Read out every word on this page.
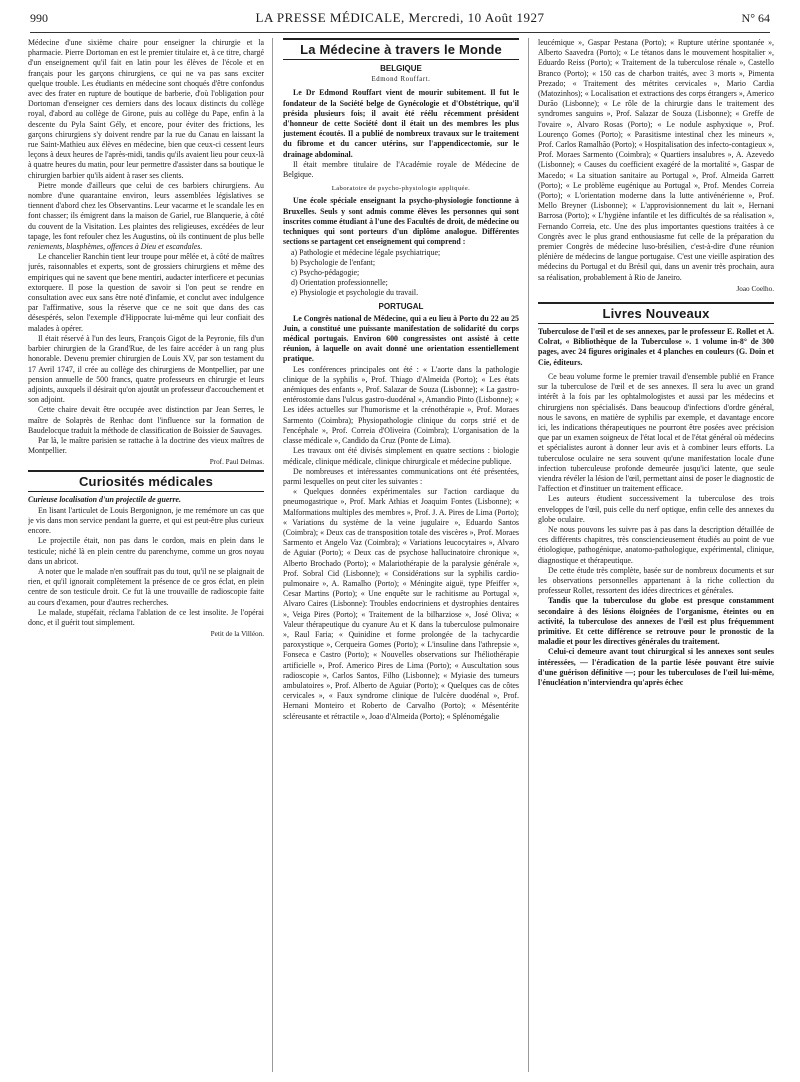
990	LA PRESSE MÉDICALE, Mercredi, 10 Août 1927	N° 64

Médecine d'une sixième chaire pour enseigner la chirurgie et la pharmacie. Pierre Dortoman en est le premier titulaire et, à ce titre, chargé d'un enseignement qu'il fait en latin pour les élèves de l'école et en français pour les garçons chirurgiens, ce qui ne va pas sans exciter quelque trouble. Les étudiants en médecine sont choqués d'être confondus avec des frater en rupture de boutique de barberie, d'où l'obligation pour Dortoman d'enseigner ces derniers dans des locaux distincts du collège royal, d'abord au collège de Girone, puis au collège du Pape, enfin à la descente du Pyla Saint Gély, et encore, pour éviter des frictions, les garçons chirurgiens s'y doivent rendre par la rue du Canau en laissant la rue Saint-Mathieu aux élèves en médecine, bien que ceux-ci cessent leurs leçons à deux heures de l'après-midi, tandis qu'ils avaient lieu pour ceux-là à quatre heures du matin, pour leur permettre d'assister dans sa boutique le chirurgien barbier qu'ils aident à raser ses clients.

Pietre monde d'ailleurs que celui de ces barbiers chirurgiens. Au nombre d'une quarantaine environ, leurs assemblées législatives se tiennent d'abord chez les Observantins. Leur vacarme et le scandale les en font chasser; ils émigrent dans la maison de Gariel, rue Blanquerie, à côté du couvent de la Visitation. Les plaintes des religieuses, excédées de leur tapage, les font refouler chez les Augustins, où ils continuent de plus belle reniements, blasphèmes, offences à Dieu et escandales.

Le chancelier Ranchin tient leur troupe pour mêlée et, à côté de maîtres jurés, raisonnables et experts, sont de grossiers chirurgiens et même des empiriques qui ne savent que bene mentiri, audacter interficere et pecunias extorquere. Il pose la question de savoir si l'on peut se rendre en consultation avec eux sans être noté d'infamie, et conclut avec indulgence par l'affirmative, sous la réserve que ce ne soit que dans des cas désespérés, selon l'exemple d'Hippocrate lui-même qui leur confiait des malades à opérer.

Il était réservé à l'un des leurs, François Gigot de la Peyronie, fils d'un barbier chirurgien de la Grand'Rue, de les faire accéder à un rang plus honorable. Devenu premier chirurgien de Louis XV, par son testament du 17 Avril 1747, il crée au collège des chirurgiens de Montpellier, par une pension annuelle de 500 francs, quatre professeurs en chirurgie et leurs adjoints, auxquels il désirait qu'on ajoutât un professeur d'accouchement et son adjoint.

Cette chaire devait être occupée avec distinction par Jean Serres, le maître de Solaprès de Renhac dont l'influence sur la formation de Baudelocque traduit la méthode de classification de Boissier de Sauvages.

Par là, le maître parisien se rattache à la doctrine des vieux maîtres de Montpellier.

Prof. Paul Delmas.
Curiosités médicales
Curieuse localisation d'un projectile de guerre.

En lisant l'articulet de Louis Bergonignon, je me remémore un cas que je vis dans mon service pendant la guerre, et qui est peut-être plus curieux encore.

Le projectile était, non pas dans le cordon, mais en plein dans le testicule; niché là en plein centre du parenchyme, comme un gros noyau dans un abricot.

A noter que le malade n'en souffrait pas du tout, qu'il ne se plaignait de rien, et qu'il ignorait complètement la présence de ce gros éclat, en plein centre de son testicule droit. Ce fut là une trouvaille de radioscopie faite au cours d'examen, pour d'autres recherches.

Le malade, stupéfait, réclama l'ablation de ce lest insolite. Je l'opérai donc, et il guérit tout simplement.

Petit de la Villéon.
La Médecine à travers le Monde
BELGIQUE
Edmond Rouffart.

Le Dr Edmond Rouffart vient de mourir subitement. Il fut le fondateur de la Société belge de Gynécologie et d'Obstétrique, qu'il présida plusieurs fois; il avait été réélu récemment président d'honneur de cette Société dont il était un des membres les plus justement écoutés. Il a publié de nombreux travaux sur le traitement du fibrome et du cancer utérins, sur l'appendicectomie, sur le drainage abdominal.

Il était membre titulaire de l'Académie royale de Médecine de Belgique.

Laboratoire de psycho-physiologie appliquée.

Une école spéciale enseignant la psycho-physiologie fonctionne à Bruxelles. Seuls y sont admis comme élèves les personnes qui sont inscrites comme étudiant à l'une des Facultés de droit, de médecine ou techniques qui sont porteurs d'un diplôme analogue. Différentes sections se partagent cet enseignement qui comprend :

a) Pathologie et médecine légale psychiatrique;
b) Psychologie de l'enfant;
c) Psycho-pédagogie;
d) Orientation professionnelle;
e) Physiologie et psychologie du travail.
PORTUGAL

Le Congrès national de Médecine, qui a eu lieu à Porto du 22 au 25 Juin, a constitué une puissante manifestation de solidarité du corps médical portugais. Environ 600 congressistes ont assisté à cette réunion, à laquelle on avait donné une orientation essentiellement pratique.

Les conférences principales ont été : « L'aorte dans la pathologie clinique de la syphilis », Prof. Thiago d'Almeida (Porto); « Les états anémiques des enfants », Prof. Salazar de Souza (Lisbonne); « La gastro-entérostomie dans l'ulcus gastro-duodénal », Amandio Pinto (Lisbonne); « Les idées actuelles sur l'humorisme et la crénothérapie », Prof. Moraes Sarmento (Coimbra); Physiopathologie clinique du corps strié et de l'encéphale », Prof. Correia d'Oliveira (Coimbra); L'organisation de la classe médicale », Candido da Cruz (Ponte de Lima).

Les travaux ont été divisés simplement en quatre sections : biologie médicale, clinique médicale, clinique chirurgicale et médecine publique.

De nombreuses et intéressantes communications ont été présentées, parmi lesquelles on peut citer les suivantes :

« Quelques données expérimentales sur l'action cardiaque du pneumogastrique », Prof. Mark Athias et Joaquim Fontes (Lisbonne); « Malformations multiples des membres », Prof. J. A. Pires de Lima (Porto); « Variations du système de la veine jugulaire », Eduardo Santos (Coimbra); « Deux cas de transposition totale des viscères », Prof. Moraes Sarmento et Angelo Vaz (Coimbra); « Variations leucocytaires », Alvaro de Aguiar (Porto); « Deux cas de psychose hallucinatoire chronique », Alberto Brochado (Porto); « Malariothérapie de la paralysie générale », Prof. Sobral Cid (Lisbonne); « Considérations sur la syphilis cardio-pulmonaire », A. Ramalho (Porto); « Méningite aiguë, type Pfeiffer », Cesar Martins (Porto); « Une enquête sur le rachitisme au Portugal », Alvaro Caires (Lisbonne): Troubles endocriniens et dystrophies dentaires », Veiga Pires (Porto); « Traitement de la bilharziose », José Oliva; « Valeur thérapeutique du cyanure Au et K dans la tuberculose pulmonaire », Raul Faria; « Quinidine et forme prolongée de la tachycardie paroxystique », Cerqueira Gomes (Porto); « L'insuline dans l'athrepsie », Fonseca e Castro (Porto); « Nouvelles observations sur l'héliothérapie artificielle », Prof. Americo Pires de Lima (Porto); « Auscultation sous radioscopie », Carlos Santos, Filho (Lisbonne); « Myiasie des tumeurs ambulatoires », Prof. Alberto de Aguiar (Porto); « Quelques cas de côtes cervicales », « Faux syndrome clinique de l'ulcère duodénal », Prof. Hernani Monteiro et Roberto de Carvalho (Porto); « Mésentérite scléreusante et rétractile », Joao d'Almeida (Porto); « Splénomégalie

leucémique », Gaspar Pestana (Porto); « Rupture utérine spontanée », Alberto Saavedra (Porto); « Le tétanos dans le mouvement hospitalier », Eduardo Reiss (Porto); « Traitement de la tuberculose rénale », Castello Branco (Porto); « 150 cas de charbon traités, avec 3 morts », Pimenta Prezado; « Traitement des métrites cervicales », Mario Cardia (Matozinhos); « Localisation et extractions des corps étrangers », Americo Durão (Lisbonne); « Le rôle de la chirurgie dans le traitement des syndromes sanguins », Prof. Salazar de Souza (Lisbonne); « Greffe de l'ovaire », Alvaro Rosas (Porto); « Le nodule asphyxique », Prof. Lourenço Gomes (Porto); « Parasitisme intestinal chez les mineurs », Prof. Carlos Ramalhão (Porto); « Hospitalisation des infecto-contagieux », Prof. Moraes Sarmento (Coimbra); « Quartiers insalubres », A. Azevedo (Lisbonne); « Causes du coefficient exagéré de la mortalité », Gaspar de Macedo; « La situation sanitaire au Portugal », Prof. Almeida Garrett (Porto); « Le problème eugénique au Portugal », Prof. Mendes Correia (Porto); « L'orientation moderne dans la lutte antivénérienne », Prof. Mello Breyner (Lisbonne); « L'approvisionnement du lait », Hernani Barrosa (Porto); « L'hygiène infantile et les difficultés de sa réalisation », Fernando Correia, etc. Une des plus importantes questions traitées à ce Congrès avec le plus grand enthousiasme fut celle de la préparation du premier Congrès de médecine luso-brésilien, c'est-à-dire d'une réunion plénière de médecins de langue portugaise. C'est une vieille aspiration des médecins du Portugal et du Brésil qui, dans un avenir très prochain, aura sa réalisation, probablement à Rio de Janeiro.

Joao Coelho.
Livres Nouveaux

Tuberculose de l'œil et de ses annexes, par le professeur E. Rollet et A. Colrat, « Bibliothèque de la Tuberculose ». 1 volume in-8° de 300 pages, avec 24 figures originales et 4 planches en couleurs (G. Doin et Cie, éditeurs.

Ce beau volume forme le premier travail d'ensemble publié en France sur la tuberculose de l'œil et de ses annexes. Il sera lu avec un grand intérêt à la fois par les ophtalmologistes et aussi par les médecins et chirurgiens non spécialisés. Dans beaucoup d'infections d'ordre général, nous le savons, en matière de syphilis par exemple, et davantage encore ici, les indications thérapeutiques ne pourront être posées avec précision que par un examen soigneux de l'état local et de l'état général où médecins et spécialistes auront à donner leur avis et à combiner leurs efforts. La tuberculose oculaire ne sera souvent qu'une manifestation locale d'une infection tuberculeuse profonde demeurée jusqu'ici latente, que seule viendra révéler la lésion de l'œil, permettant ainsi de poser le diagnostic de l'affection et d'instituer un traitement efficace.

Les auteurs étudient successivement la tuberculose des trois enveloppes de l'œil, puis celle du nerf optique, enfin celle des annexes du globe oculaire.

Ne nous pouvons les suivre pas à pas dans la description détaillée de ces différents chapitres, très consciencieusement étudiés au point de vue étiologique, pathogénique, anatomo-pathologique, expérimental, clinique, diagnostique et thérapeutique.

De cette étude très complète, basée sur de nombreux documents et sur les observations personnelles appartenant à la riche collection du professeur Rollet, ressortent des idées directrices et générales.

Tandis que la tuberculose du globe est presque constamment secondaire à des lésions éloignées de l'organisme, éteintes ou en activité, la tuberculose des annexes de l'œil est plus fréquemment primitive. Et cette différence se retrouve pour le pronostic de la maladie et pour les directives générales du traitement.

Celui-ci demeure avant tout chirurgical si les annexes sont seules intéressées, — l'éradication de la partie lésée pouvant être suivie d'une guérison définitive —; pour les tuberculoses de l'œil lui-même, l'énucléation n'interviendra qu'après échec
